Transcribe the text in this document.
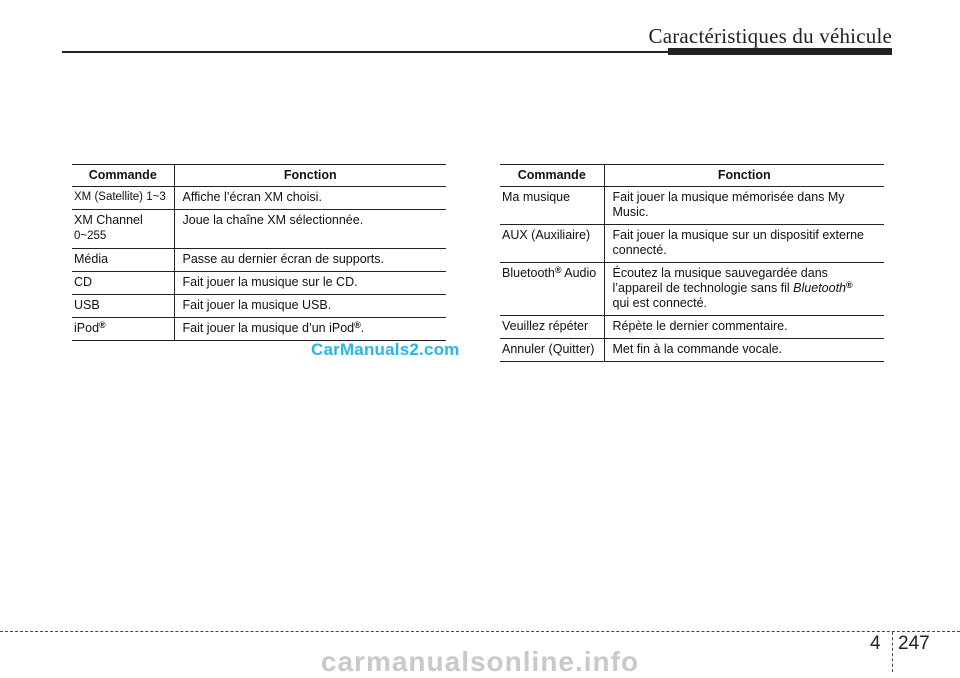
Caractéristiques du véhicule
Commande	Fonction
XM (Satellite) 1~3	Affiche l’écran XM choisi.
XM Channel
0~255	Joue la chaîne XM sélectionnée.
Média	Passe au dernier écran de supports.
CD	Fait jouer la musique sur le CD.
USB	Fait jouer la musique USB.
iPod®	Fait jouer la musique d’un iPod®.
Commande	Fonction
Ma musique	Fait jouer la musique mémorisée dans My
Music.

AUX (Auxiliaire)	Fait jouer la musique sur un dispositif externe
connecté.

Bluetooth® Audio	Écoutez la musique sauvegardée dans
l’appareil de technologie sans fil Bluetooth®
qui est connecté.

Veuillez répéter	Répète le dernier commentaire.
Annuler (Quitter)	Met fin à la commande vocale.
CarManuals2.com
4 247
carmanualsonline.info
